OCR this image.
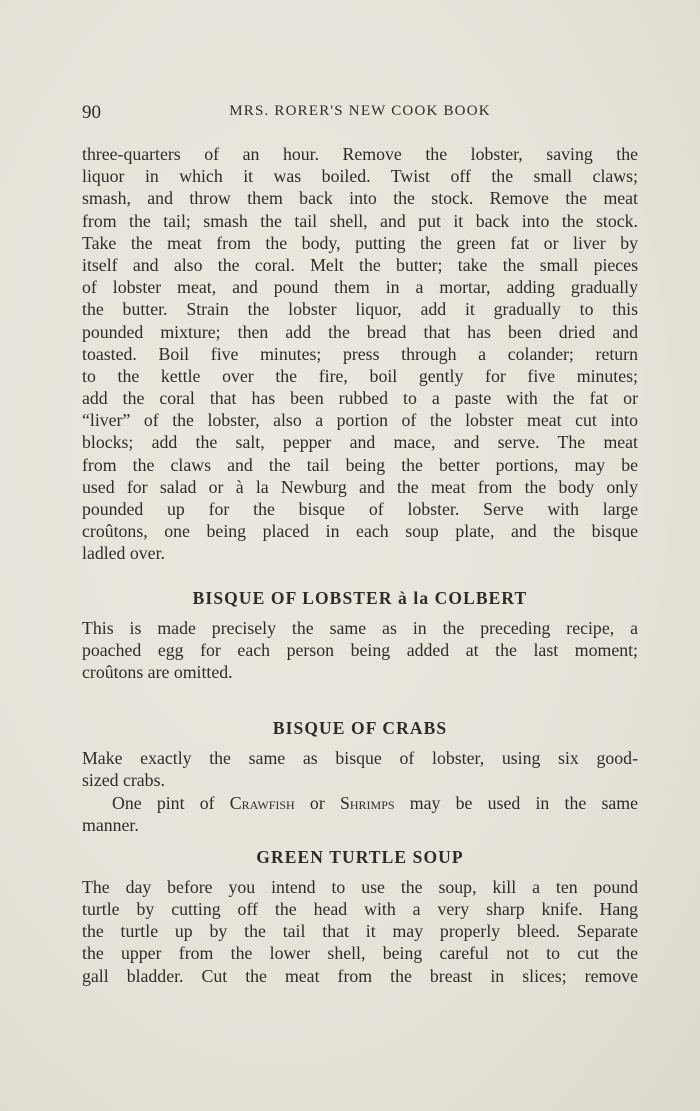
90	MRS. RORER'S NEW COOK BOOK
three-quarters of an hour. Remove the lobster, saving the
liquor in which it was boiled. Twist off the small claws;
smash, and throw them back into the stock. Remove the meat
from the tail; smash the tail shell, and put it back into the stock.
Take the meat from the body, putting the green fat or liver by
itself and also the coral. Melt the butter; take the small pieces
of lobster meat, and pound them in a mortar, adding gradually
the butter. Strain the lobster liquor, add it gradually to this
pounded mixture; then add the bread that has been dried and
toasted. Boil five minutes; press through a colander; return
to the kettle over the fire, boil gently for five minutes;
add the coral that has been rubbed to a paste with the fat or
“liver” of the lobster, also a portion of the lobster meat cut into
blocks; add the salt, pepper and mace, and serve. The meat
from the claws and the tail being the better portions, may be
used for salad or à la Newburg and the meat from the body only
pounded up for the bisque of lobster. Serve with large
croûtons, one being placed in each soup plate, and the bisque
ladled over.
BISQUE OF LOBSTER à la COLBERT
This is made precisely the same as in the preceding recipe, a
poached egg for each person being added at the last moment;
croûtons are omitted.
BISQUE OF CRABS
Make exactly the same as bisque of lobster, using six good-
sized crabs.
One pint of Crawfish or Shrimps may be used in the same
manner.
GREEN TURTLE SOUP
The day before you intend to use the soup, kill a ten pound
turtle by cutting off the head with a very sharp knife. Hang
the turtle up by the tail that it may properly bleed. Separate
the upper from the lower shell, being careful not to cut the
gall bladder. Cut the meat from the breast in slices; remove
